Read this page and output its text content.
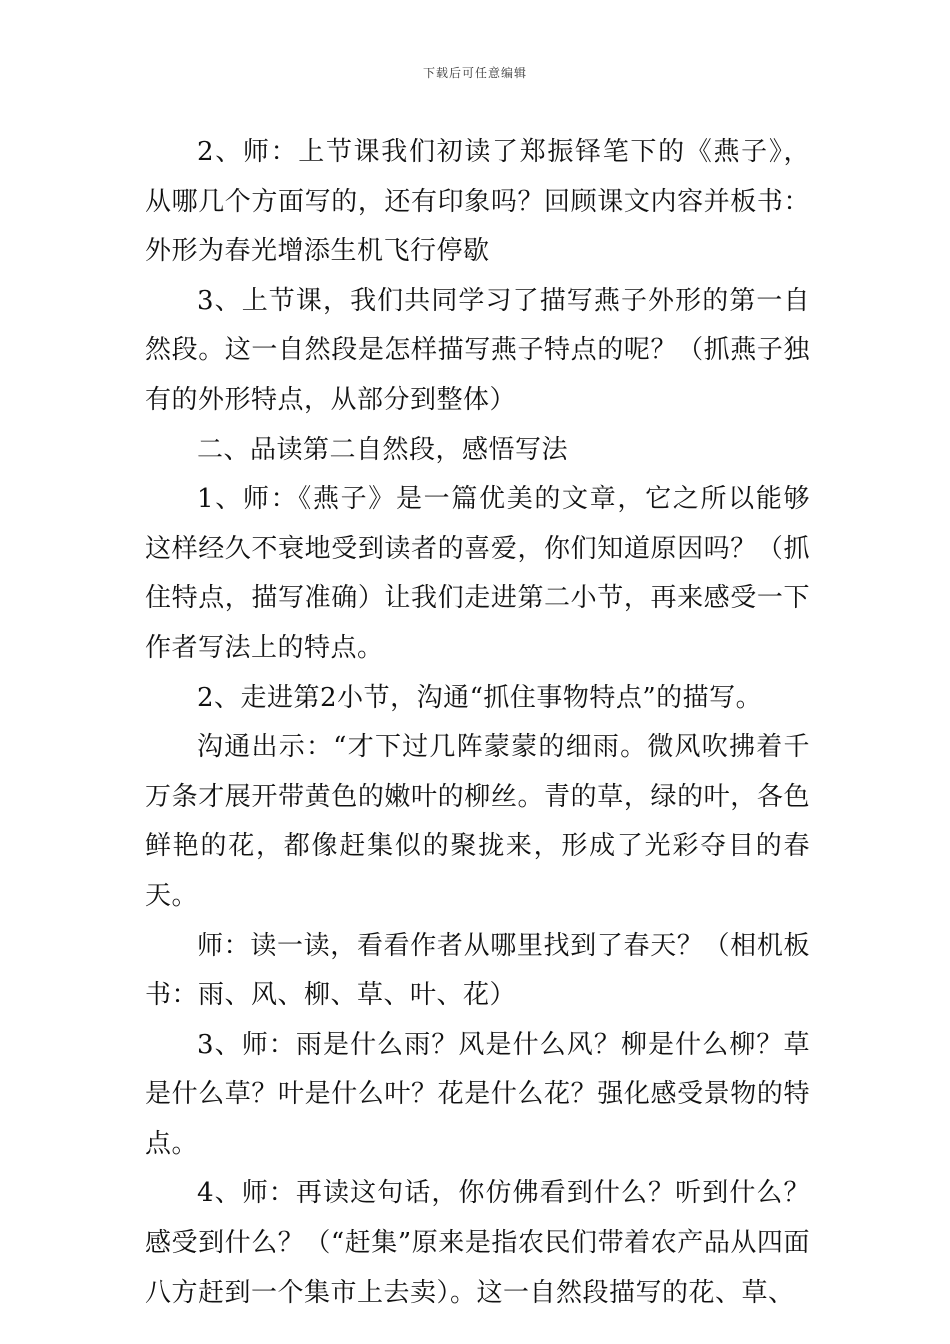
下载后可任意编辑

2、师：上节课我们初读了郑振铎笔下的《燕子》，从哪几个方面写的，还有印象吗？回顾课文内容并板书：外形为春光增添生机飞行停歇

3、上节课，我们共同学习了描写燕子外形的第一自然段。这一自然段是怎样描写燕子特点的呢？（抓燕子独有的外形特点，从部分到整体）

二、品读第二自然段，感悟写法

1、师：《燕子》是一篇优美的文章，它之所以能够这样经久不衰地受到读者的喜爱，你们知道原因吗？（抓住特点，描写准确）让我们走进第二小节，再来感受一下作者写法上的特点。

2、走进第2小节，沟通“抓住事物特点”的描写。

沟通出示：“才下过几阵蒙蒙的细雨。微风吹拂着千万条才展开带黄色的嫩叶的柳丝。青的草，绿的叶，各色鲜艳的花，都像赶集似的聚拢来，形成了光彩夺目的春天。

师：读一读，看看作者从哪里找到了春天？（相机板书：雨、风、柳、草、叶、花）

3、师：雨是什么雨？风是什么风？柳是什么柳？草是什么草？叶是什么叶？花是什么花？强化感受景物的特点。

4、师：再读这句话，你仿佛看到什么？听到什么？感受到什么？（“赶集”原来是指农民们带着农产品从四面八方赶到一个集市上去卖）。这一自然段描写的花、草、
